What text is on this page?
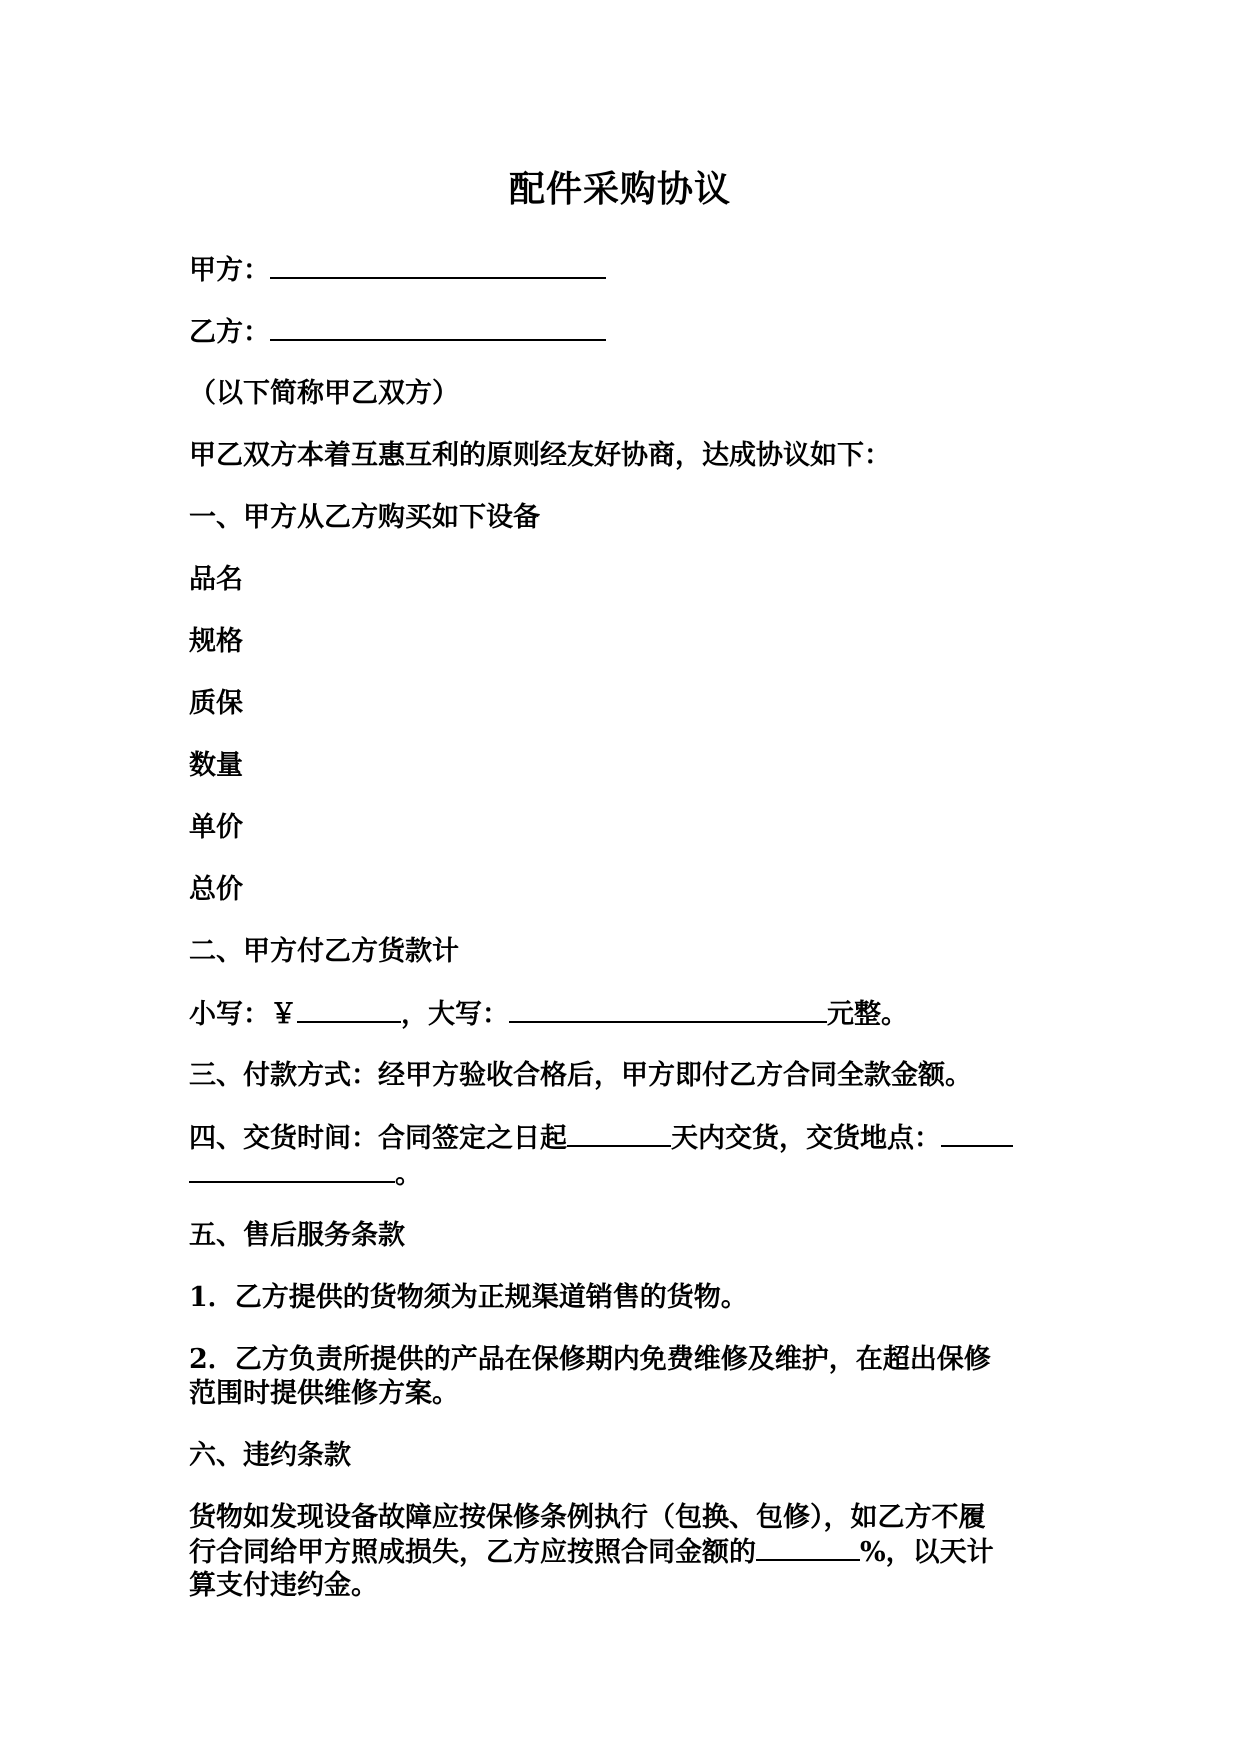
配件采购协议
甲方：
乙方：
（以下简称甲乙双方）
甲乙双方本着互惠互利的原则经友好协商，达成协议如下：
一、甲方从乙方购买如下设备
品名
规格
质保
数量
单价
总价
二、甲方付乙方货款计
小写：￥	，大写：	元整。
三、付款方式：经甲方验收合格后，甲方即付乙方合同全款金额。
四、交货时间：合同签定之日起	天内交货，交货地点：
。
五、售后服务条款
1．乙方提供的货物须为正规渠道销售的货物。
2．乙方负责所提供的产品在保修期内免费维修及维护，在超出保修
范围时提供维修方案。
六、违约条款
货物如发现设备故障应按保修条例执行（包换、包修），如乙方不履
行合同给甲方照成损失，乙方应按照合同金额的	%，以天计
算支付违约金。
